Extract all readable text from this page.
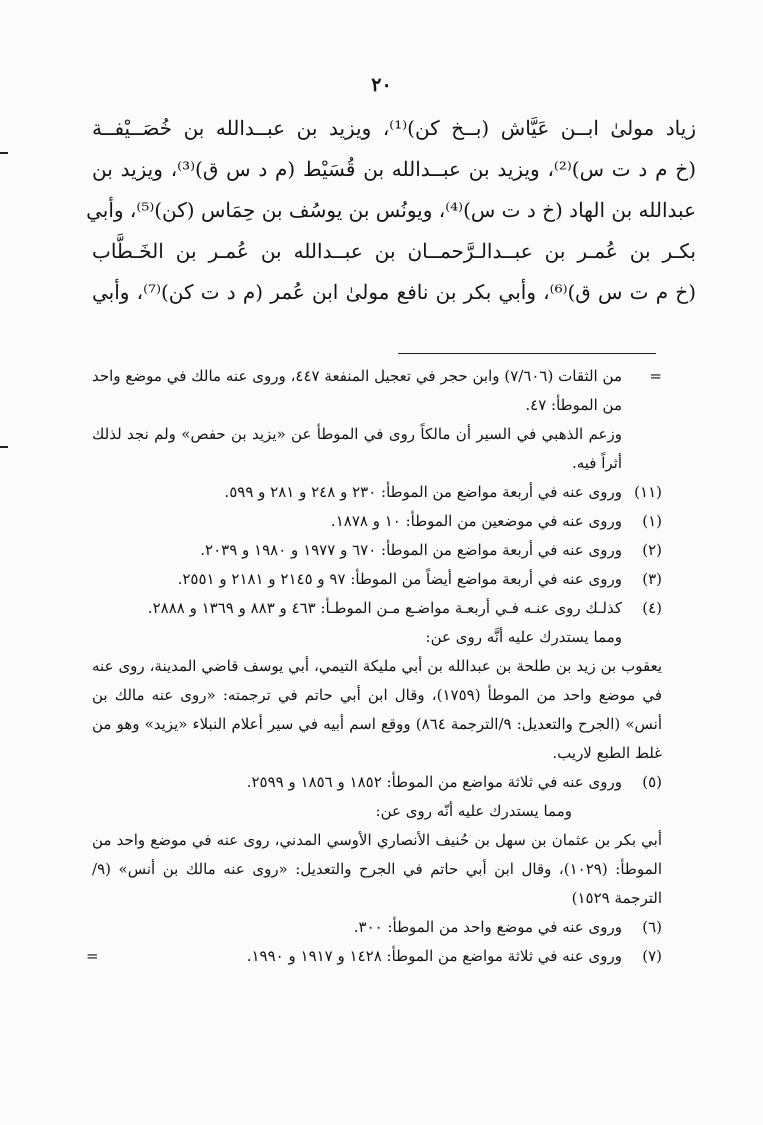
٢٠
زياد مولىٰ ابــن عَيَّاش (بــخ كن)⁽¹⁾، ويزيد بن عبــدالله بن خُصَــيْفــة
(خ م د ت س)⁽²⁾، ويزيد بن عبــدالله بن قُسَيْط (م د س ق)⁽³⁾، ويزيد بن
عبدالله بن الهاد (خ د ت س)⁽⁴⁾، ويونُس بن يوسُف بن حِمَاس (كن)⁽⁵⁾، وأبي
بكـر بن عُمـر بن عبــدالـرَّحمــان بن عبــدالله بن عُمـر بن الخَـطَّاب
(خ م ت س ق)⁽⁶⁾، وأبي بكر بن نافع مولىٰ ابن عُمر (م د ت كن)⁽⁷⁾، وأبي
=
من الثقات (٧/٦٠٦) وابن حجر في تعجيل المنفعة ٤٤٧، وروى عنه مالك في موضع واحد من الموطأ: ٤٧.
وزعم الذهبي في السير أن مالكاً روى في الموطأ عن «يزيد بن حفص» ولم نجد لذلك أثراً فيه.
(١١)
وروى عنه في أربعة مواضع من الموطأ: ٢٣٠ و ٢٤٨ و ٢٨١ و ٥٩٩.
(١)
وروى عنه في موضعين من الموطأ: ١٠ و ١٨٧٨.
(٢)
وروى عنه في أربعة مواضع من الموطأ: ٦٧٠ و ١٩٧٧ و ١٩٨٠ و ٢٠٣٩.
(٣)
وروى عنه في أربعة مواضع أيضاً من الموطأ: ٩٧ و ٢١٤٥ و ٢١٨١ و ٢٥٥١.
(٤)
كذلـك روى عنـه فـي أربعـة مواضـع مـن الموطـأ: ٤٦٣ و ٨٨٣ و ١٣٦٩ و ٢٨٨٨.
ومما يستدرك عليه أنَّه روى عن:
يعقوب بن زيد بن طلحة بن عبدالله بن أبي مليكة التيمي، أبي يوسف قاضي المدينة، روى عنه في موضع واحد من الموطأ (١٧٥٩)، وقال ابن أبي حاتم في ترجمته: «روى عنه مالك بن أنس» (الجرح والتعديل: ٩/الترجمة ٨٦٤) ووقع اسم أبيه في سير أعلام النبلاء «يزيد» وهو من غلط الطبع لاريب.
(٥)
وروى عنه في ثلاثة مواضع من الموطأ: ١٨٥٢ و ١٨٥٦ و ٢٥٩٩.
ومما يستدرك عليه أنّه روى عن:
أبي بكر بن عثمان بن سهل بن حُنيف الأنصاري الأوسي المدني، روى عنه في موضع واحد من الموطأ: (١٠٢٩)، وقال ابن أبي حاتم في الجرح والتعديل: «روى عنه مالك بن أنس» (٩/الترجمة ١٥٢٩)
(٦)
وروى عنه في موضع واحد من الموطأ: ٣٠٠.
(٧)
وروى عنه في ثلاثة مواضع من الموطأ: ١٤٢٨ و ١٩١٧ و ١٩٩٠.
=
